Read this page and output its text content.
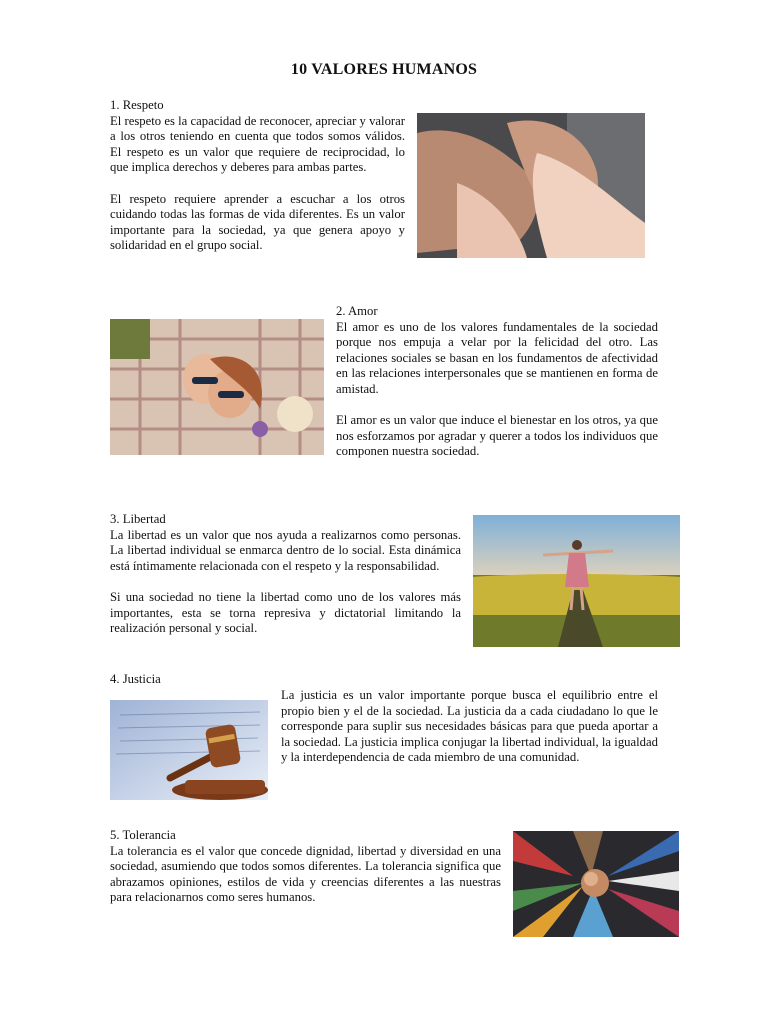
10 VALORES HUMANOS
1. Respeto

El respeto es la capacidad de reconocer, apreciar y valorar a los otros teniendo en cuenta que todos somos válidos. El respeto es un valor que requiere de reciprocidad, lo que implica derechos y deberes para ambas partes.

El respeto requiere aprender a escuchar a los otros cuidando todas las formas de vida diferentes. Es un valor importante para la sociedad, ya que genera apoyo y solidaridad en el grupo social.

2. Amor

El amor es uno de los valores fundamentales de la sociedad porque nos empuja a velar por la felicidad del otro. Las relaciones sociales se basan en los fundamentos de afectividad en las relaciones interpersonales que se mantienen en forma de amistad.

El amor es un valor que induce el bienestar en los otros, ya que nos esforzamos por agradar y querer a todos los individuos que componen nuestra sociedad.

3. Libertad

La libertad es un valor que nos ayuda a realizarnos como personas. La libertad individual se enmarca dentro de lo social. Esta dinámica está íntimamente relacionada con el respeto y la responsabilidad.

Si una sociedad no tiene la libertad como uno de los valores más importantes, esta se torna represiva y dictatorial limitando la realización personal y social.

4. Justicia

La justicia es un valor importante porque busca el equilibrio entre el propio bien y el de la sociedad. La justicia da a cada ciudadano lo que le corresponde para suplir sus necesidades básicas para que pueda aportar a la sociedad. La justicia implica conjugar la libertad individual, la igualdad y la interdependencia de cada miembro de una comunidad.

5. Tolerancia

La tolerancia es el valor que concede dignidad, libertad y diversidad en una sociedad, asumiendo que todos somos diferentes. La tolerancia significa que abrazamos opiniones, estilos de vida y creencias diferentes a las nuestras para relacionarnos como seres humanos.
